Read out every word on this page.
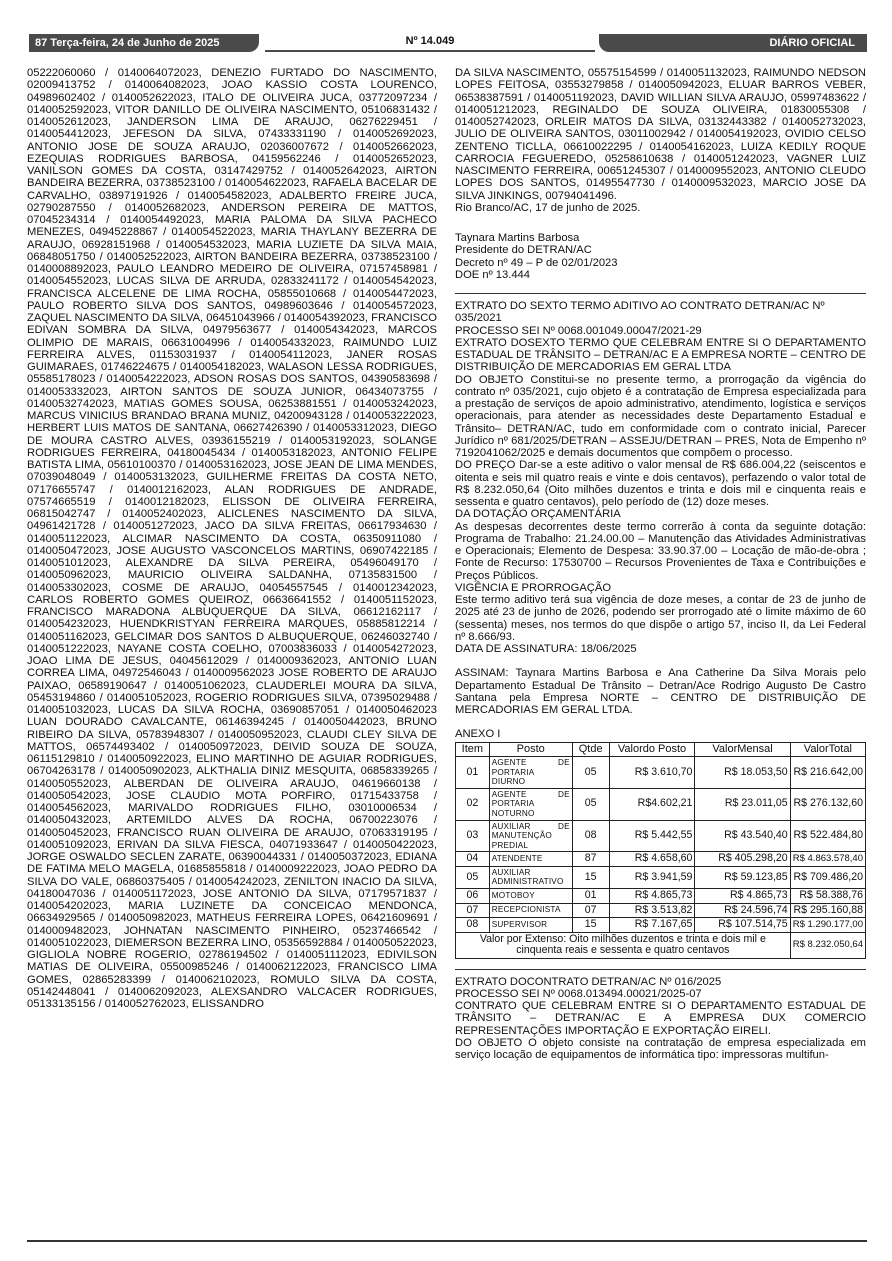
87 Terça-feira, 24 de Junho de 2025	Nº 14.049	DIÁRIO OFICIAL

05222060060 / 0140064072023, DENEZIO FURTADO DO NASCIMENTO, 02009413752 / 0140064082023, JOAO KASSIO COSTA LOURENCO, 04989602402 / 0140052622023, ITALO DE OLIVEIRA JUCA, 03772097234 / 0140052592023, VITOR DANILLO DE OLIVEIRA NASCIMENTO, 05106831432 / 0140052612023, JANDERSON LIMA DE ARAUJO, 06276229451 / 0140054412023, JEFESON DA SILVA, 07433331190 / 0140052692023, ANTONIO JOSE DE SOUZA ARAUJO, 02036007672 / 0140052662023, EZEQUIAS RODRIGUES BARBOSA, 04159562246 / 0140052652023, VANILSON GOMES DA COSTA, 03147429752 / 0140052642023, AIRTON BANDEIRA BEZERRA, 03738523100 / 0140054622023, RAFAELA BACELAR DE CARVALHO, 03897191926 / 0140054582023, ADALBERTO FREIRE JUCA, 02790287550 / 0140052682023, ANDERSON PEREIRA DE MATTOS, 07045234314 / 0140054492023, MARIA PALOMA DA SILVA PACHECO MENEZES, 04945228867 / 0140054522023, MARIA THAYLANY BEZERRA DE ARAUJO, 06928151968 / 0140054532023, MARIA LUZIETE DA SILVA MAIA, 06848051750 / 0140052522023, AIRTON BANDEIRA BEZERRA, 03738523100 / 0140008892023, PAULO LEANDRO MEDEIRO DE OLIVEIRA, 07157458981 / 0140054552023, LUCAS SILVA DE ARRUDA, 02833241172 / 0140054542023, FRANCISCA ALCELENE DE LIMA ROCHA, 05855010668 / 0140054472023, PAULO ROBERTO SILVA DOS SANTOS, 04989603646 / 0140054572023, ZAQUEL NASCIMENTO DA SILVA, 06451043966 / 0140054392023, FRANCISCO EDIVAN SOMBRA DA SILVA, 04979563677 / 0140054342023, MARCOS OLIMPIO DE MARAIS, 06631004996 / 0140054332023, RAIMUNDO LUIZ FERREIRA ALVES, 01153031937 / 0140054112023, JANER ROSAS GUIMARAES, 01746224675 / 0140054182023, WALASON LESSA RODRIGUES, 05585178023 / 0140054222023, ADSON ROSAS DOS SANTOS, 04390583698 / 0140053332023, AIRTON SANTOS DE SOUZA JUNIOR, 06434073755 / 01400532742023, MATIAS GOMES SOUSA, 06253881551 / 0140053242023, MARCUS VINICIUS BRANDAO BRANA MUNIZ, 04200943128 / 0140053222023, HERBERT LUIS MATOS DE SANTANA, 06627426390 / 0140053312023, DIEGO DE MOURA CASTRO ALVES, 03936155219 / 0140053192023, SOLANGE RODRIGUES FERREIRA, 04180045434 / 0140053182023, ANTONIO FELIPE BATISTA LIMA, 05610100370 / 0140053162023, JOSE JEAN DE LIMA MENDES, 07039048049 / 0140053132023, GUILHERME FREITAS DA COSTA NETO, 07176655747 / 0140012162023, ALAN RODRIGUES DE ANDRADE, 07574665519 / 0140012182023, ELISSON DE OLIVEIRA FERREIRA, 06815042747 / 0140052402023, ALICLENES NASCIMENTO DA SILVA, 04961421728 / 0140051272023, JACO DA SILVA FREITAS, 06617934630 / 0140051122023, ALCIMAR NASCIMENTO DA COSTA, 06350911080 / 0140050472023, JOSE AUGUSTO VASCONCELOS MARTINS, 06907422185 / 0140051012023, ALEXANDRE DA SILVA PEREIRA, 05496049170 / 0140050962023, MAURICIO OLIVEIRA SALDANHA, 07135831500 / 0140053302023, COSME DE ARAUJO, 04054557545 / 0140012342023, CARLOS ROBERTO GOMES QUEIROZ, 06636641552 / 0140051152023, FRANCISCO MARADONA ALBUQUERQUE DA SILVA, 06612162117 / 0140054232023, HUENDKRISTYAN FERREIRA MARQUES, 05885812214 / 0140051162023, GELCIMAR DOS SANTOS D ALBUQUERQUE, 06246032740 / 0140051222023, NAYANE COSTA COELHO, 07003836033 / 0140054272023, JOAO LIMA DE JESUS, 04045612029 / 0140009362023, ANTONIO LUAN CORREA LIMA, 04972546043 / 0140009562023 JOSE ROBERTO DE ARAUJO PAIXAO, 06589190647 / 0140051062023, CLAUDERLEI MOURA DA SILVA, 05453194860 / 0140051052023, ROGERIO RODRIGUES SILVA, 07395029488 / 0140051032023, LUCAS DA SILVA ROCHA, 03690857051 / 0140050462023 LUAN DOURADO CAVALCANTE, 06146394245 / 0140050442023, BRUNO RIBEIRO DA SILVA, 05783948307 / 0140050952023, CLAUDI CLEY SILVA DE MATTOS, 06574493402 / 0140050972023, DEIVID SOUZA DE SOUZA, 06115129810 / 0140050922023, ELINO MARTINHO DE AGUIAR RODRIGUES, 06704263178 / 0140050902023, ALKTHALIA DINIZ MESQUITA, 06858339265 / 0140050552023, ALBERDAN DE OLIVEIRA ARAUJO, 04619660138 / 0140050542023, JOSE CLAUDIO MOTA PORFIRO, 01715433758 / 0140054562023, MARIVALDO RODRIGUES FILHO, 03010006534 / 0140050432023, ARTEMILDO ALVES DA ROCHA, 06700223076 / 0140050452023, FRANCISCO RUAN OLIVEIRA DE ARAUJO, 07063319195 / 0140051092023, ERIVAN DA SILVA FIESCA, 04071933647 / 0140050422023, JORGE OSWALDO SECLEN ZARATE, 06390044331 / 0140050372023, EDIANA DE FATIMA MELO MAGELA, 01685855818 / 0140009222023, JOAO PEDRO DA SILVA DO VALE, 06860375405 / 0140054242023, ZENILTON INACIO DA SILVA, 04180047036 / 0140051172023, JOSE ANTONIO DA SILVA, 07179571837 / 0140054202023, MARIA LUZINETE DA CONCEICAO MENDONCA, 06634929565 / 0140050982023, MATHEUS FERREIRA LOPES, 06421609691 / 0140009482023, JOHNATAN NASCIMENTO PINHEIRO, 05237466542 / 0140051022023, DIEMERSON BEZERRA LINO, 05356592884 / 0140050522023, GIGLIOLA NOBRE ROGERIO, 02786194502 / 0140051112023, EDIVILSON MATIAS DE OLIVEIRA, 05500985246 / 0140062122023, FRANCISCO LIMA GOMES, 02865283399 / 0140062102023, ROMULO SILVA DA COSTA, 05142448041 / 0140062092023, ALEXSANDRO VALCACER RODRIGUES, 05133135156 / 0140052762023, ELISSANDRO

DA SILVA NASCIMENTO, 05575154599 / 0140051132023, RAIMUNDO NEDSON LOPES FEITOSA, 03553279858 / 0140050942023, ELUAR BARROS VEBER, 06538387591 / 0140051192023, DAVID WILLIAN SILVA ARAUJO, 05997483622 / 0140051212023, REGINALDO DE SOUZA OLIVEIRA, 01830055308 / 0140052742023, ORLEIR MATOS DA SILVA, 03132443382 / 0140052732023, JULIO DE OLIVEIRA SANTOS, 03011002942 / 0140054192023, OVIDIO CELSO ZENTENO TICLLA, 06610022295 / 0140054162023, LUIZA KEDILY ROQUE CARROCIA FEGUEREDO, 05258610638 / 0140051242023, VAGNER LUIZ NASCIMENTO FERREIRA, 00651245307 / 0140009552023, ANTONIO CLEUDO LOPES DOS SANTOS, 01495547730 / 0140009532023, MARCIO JOSE DA SILVA JINKINGS, 00794041496.

Rio Branco/AC, 17 de junho de 2025.

Taynara Martins Barbosa

Presidente do DETRAN/AC

Decreto nº 49 – P de 02/01/2023

DOE nº 13.444

EXTRATO DO SEXTO TERMO ADITIVO AO CONTRATO DETRAN/AC Nº 035/2021

PROCESSO SEI Nº 0068.001049.00047/2021-29

EXTRATO DOSEXTO TERMO QUE CELEBRAM ENTRE SI O DEPARTAMENTO ESTADUAL DE TRÂNSITO – DETRAN/AC E A EMPRESA NORTE – CENTRO DE DISTRIBUIÇÃO DE MERCADORIAS EM GERAL LTDA

DO OBJETO Constitui-se no presente termo, a prorrogação da vigência do contrato nº 035/2021, cujo objeto é a contratação de Empresa especializada para a prestação de serviços de apoio administrativo, atendimento, logística e serviços operacionais, para atender as necessidades deste Departamento Estadual e Trânsito– DETRAN/AC, tudo em conformidade com o contrato inicial, Parecer Jurídico nº 681/2025/DETRAN – ASSEJU/DETRAN – PRES, Nota de Empenho nº 7192041062/2025 e demais documentos que compõem o processo.

DO PREÇO Dar-se a este aditivo o valor mensal de R$ 686.004,22 (seiscentos e oitenta e seis mil quatro reais e vinte e dois centavos), perfazendo o valor total de R$ 8.232.050,64 (Oito milhões duzentos e trinta e dois mil e cinquenta reais e sessenta e quatro centavos), pelo período de (12) doze meses.

DA DOTAÇÃO ORÇAMENTÁRIA

As despesas decorrentes deste termo correrão à conta da seguinte dotação: Programa de Trabalho: 21.24.00.00 – Manutenção das Atividades Administrativas e Operacionais; Elemento de Despesa: 33.90.37.00 – Locação de mão-de-obra ; Fonte de Recurso: 17530700 – Recursos Provenientes de Taxa e Contribuições e Preços Públicos.

VIGÊNCIA E PRORROGAÇÃO

Este termo aditivo terá sua vigência de doze meses, a contar de 23 de junho de 2025 até 23 de junho de 2026, podendo ser prorrogado até o limite máximo de 60 (sessenta) meses, nos termos do que dispõe o artigo 57, inciso II, da Lei Federal nº 8.666/93.

DATA DE ASSINATURA: 18/06/2025

ASSINAM: Taynara Martins Barbosa e Ana Catherine Da Silva Morais pelo Departamento Estadual De Trânsito – Detran/Ace Rodrigo Augusto De Castro Santana pela Empresa NORTE – CENTRO DE DISTRIBUIÇÃO DE MERCADORIAS EM GERAL LTDA.

ANEXO I

Item	Posto	Qtde	Valordo Posto	ValorMensal	ValorTotal
01	AGENTE DE PORTARIA DIURNO	05	R$ 3.610,70	R$ 18.053,50	R$ 216.642,00
02	AGENTE DE PORTARIA NOTURNO	05	R$4.602,21	R$ 23.011,05	R$ 276.132,60
03	AUXILIAR DE MANUTENÇÃO PREDIAL	08	R$ 5.442,55	R$ 43.540,40	R$ 522.484,80
04	ATENDENTE	87	R$ 4.658,60	R$ 405.298,20	R$ 4.863.578,40
05	AUXILIAR ADMINISTRATIVO	15	R$ 3.941,59	R$ 59.123,85	R$ 709.486,20
06	MOTOBOY	01	R$ 4.865,73	R$ 4.865,73	R$ 58.388,76
07	RECEPCIONISTA	07	R$ 3.513,82	R$ 24.596,74	R$ 295.160,88
08	SUPERVISOR	15	R$ 7.167,65	R$ 107.514,75	R$ 1.290.177,00
Valor por Extenso: Oito milhões duzentos e trinta e dois mil e cinquenta reais e sessenta e quatro centavos					R$ 8.232.050,64

EXTRATO DOCONTRATO DETRAN/AC Nº 016/2025

PROCESSO SEI Nº 0068.013494.00021/2025-07

CONTRATO QUE CELEBRAM ENTRE SI O DEPARTAMENTO ESTADUAL DE TRÂNSITO – DETRAN/AC E A EMPRESA DUX COMERCIO REPRESENTAÇÕES IMPORTAÇÃO E EXPORTAÇÃO EIRELI.

DO OBJETO O objeto consiste na contratação de empresa especializada em serviço locação de equipamentos de informática tipo: impressoras multifun-
